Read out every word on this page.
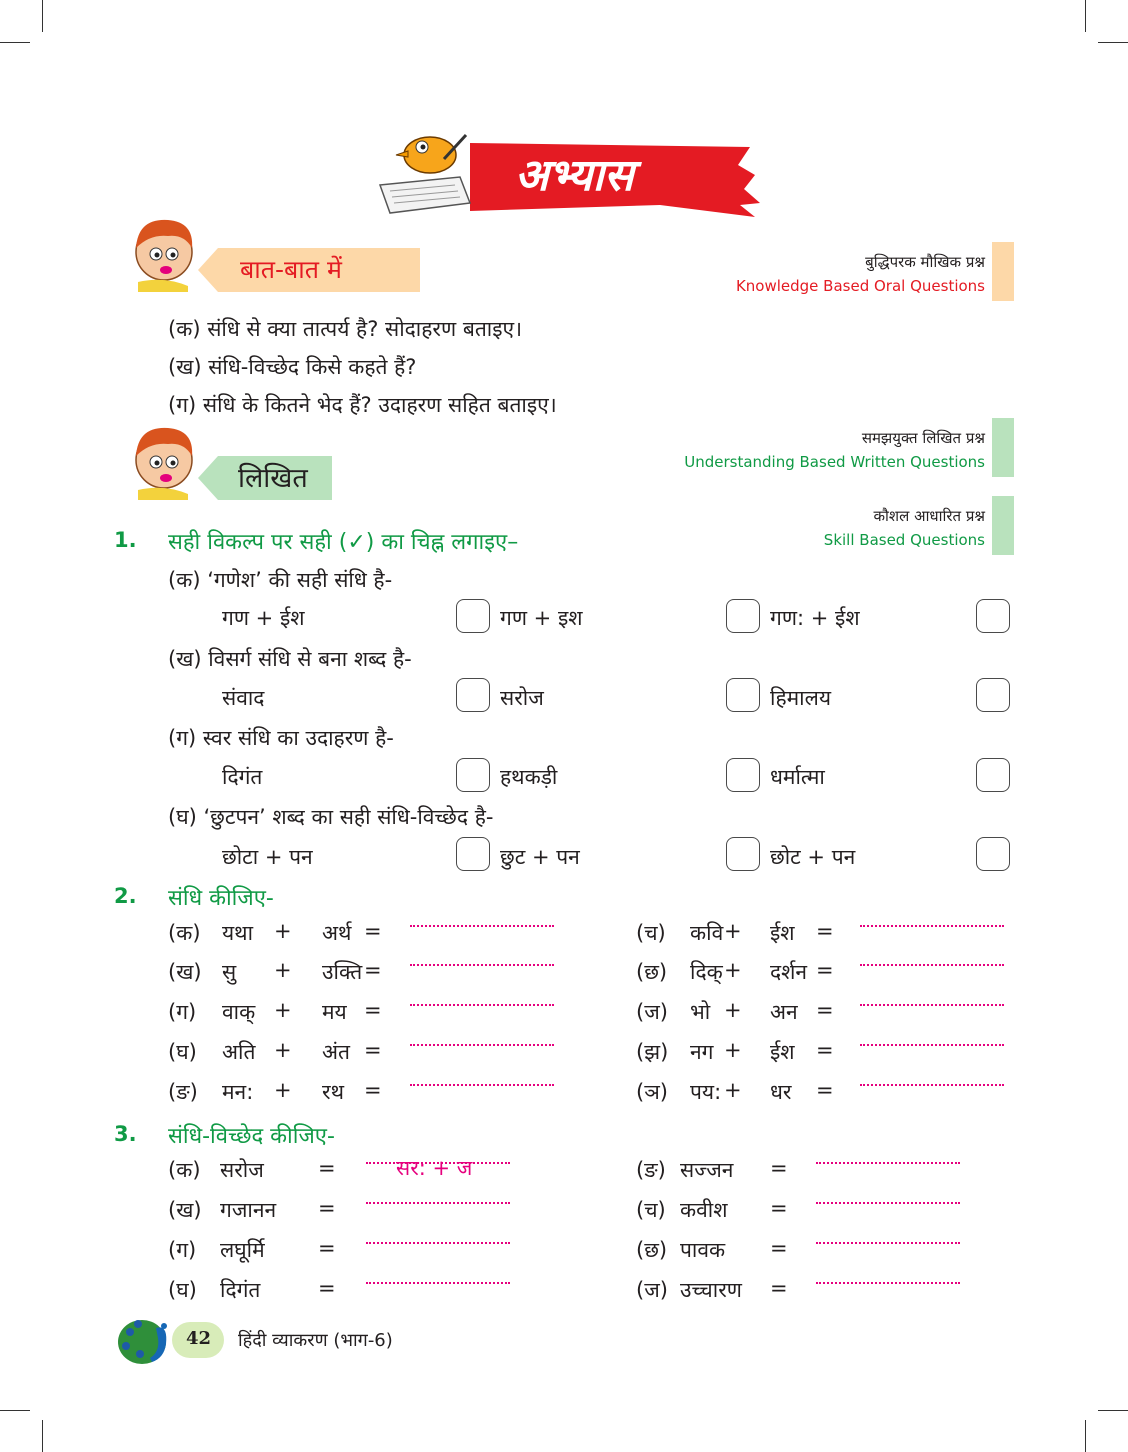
अभ्यास
बात-बात में	बुद्धिपरक मौखिक प्रश्न
Knowledge Based Oral Questions
(क) संधि से क्या तात्पर्य है? सोदाहरण बताइए।
(ख) संधि-विच्छेद किसे कहते हैं?
(ग) संधि के कितने भेद हैं? उदाहरण सहित बताइए।
लिखित
समझयुक्त लिखित प्रश्न
Understanding Based Written Questions
कौशल आधारित प्रश्न
Skill Based Questions
1. सही विकल्प पर सही (✓) का चिह्न लगाइए–
(क) ‘गणेश’ की सही संधि है-
गण + ईश	गण + इश	गण: + ईश
(ख) विसर्ग संधि से बना शब्द है-
संवाद	सरोज	हिमालय
(ग) स्वर संधि का उदाहरण है-
दिगंत	हथकड़ी	धर्मात्मा
(घ) ‘छुटपन’ शब्द का सही संधि-विच्छेद है-
छोटा + पन	छुट + पन	छोट + पन
2. संधि कीजिए-
(क) यथा + अर्थ =	(च) कवि + ईश =
(ख) सु + उक्ति =	(छ) दिक् + दर्शन =
(ग) वाक् + मय =	(ज) भो + अन =
(घ) अति + अंत =	(झ) नग + ईश =
(ङ) मन: + रथ =	(ञ) पय: + धर =
3. संधि-विच्छेद कीजिए-
(क) सरोज	=	सर: + ज	(ङ) सज्जन =
(ख) गजानन =	(च) कवीश =
(ग) लघूर्मि	=	(छ) पावक =
(घ) दिगंत	=	(ज) उच्चारण =
42 हिंदी व्याकरण (भाग-6)
